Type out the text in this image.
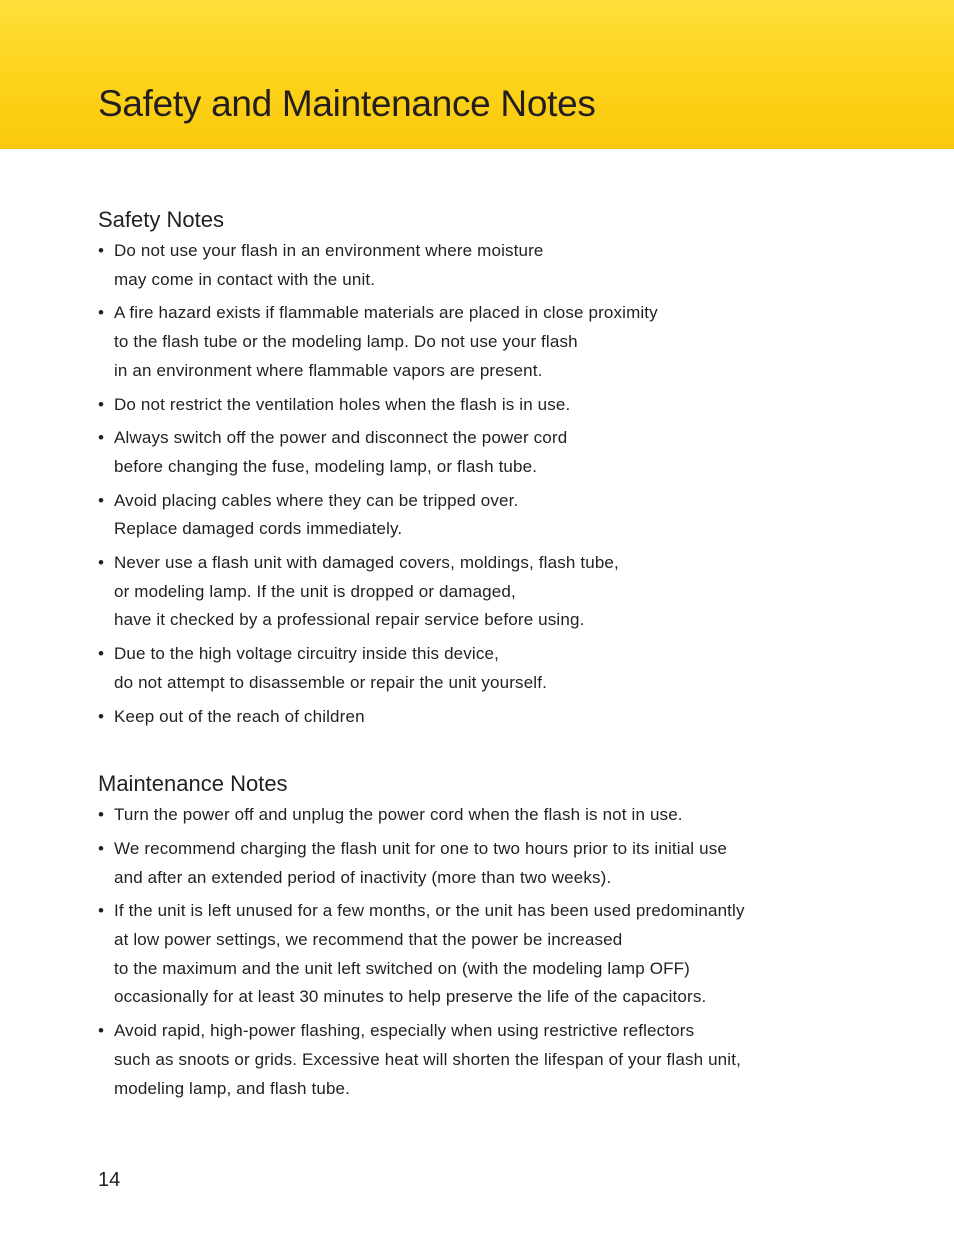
Safety and Maintenance Notes
Safety Notes
• Do not use your flash in an environment where moisture
may come in contact with the unit.
• A fire hazard exists if flammable materials are placed in close proximity
to the flash tube or the modeling lamp. Do not use your flash
in an environment where flammable vapors are present.
• Do not restrict the ventilation holes when the flash is in use.
• Always switch off the power and disconnect the power cord
before changing the fuse, modeling lamp, or flash tube.
• Avoid placing cables where they can be tripped over.
Replace damaged cords immediately.
• Never use a flash unit with damaged covers, moldings, flash tube,
or modeling lamp. If the unit is dropped or damaged,
have it checked by a professional repair service before using.
• Due to the high voltage circuitry inside this device,
do not attempt to disassemble or repair the unit yourself.
• Keep out of the reach of children
Maintenance Notes
• Turn the power off and unplug the power cord when the flash is not in use.
• We recommend charging the flash unit for one to two hours prior to its initial use
and after an extended period of inactivity (more than two weeks).
• If the unit is left unused for a few months, or the unit has been used predominantly
at low power settings, we recommend that the power be increased
to the maximum and the unit left switched on (with the modeling lamp OFF)
occasionally for at least 30 minutes to help preserve the life of the capacitors.
• Avoid rapid, high-power flashing, especially when using restrictive reflectors
such as snoots or grids. Excessive heat will shorten the lifespan of your flash unit,
modeling lamp, and flash tube.
14
